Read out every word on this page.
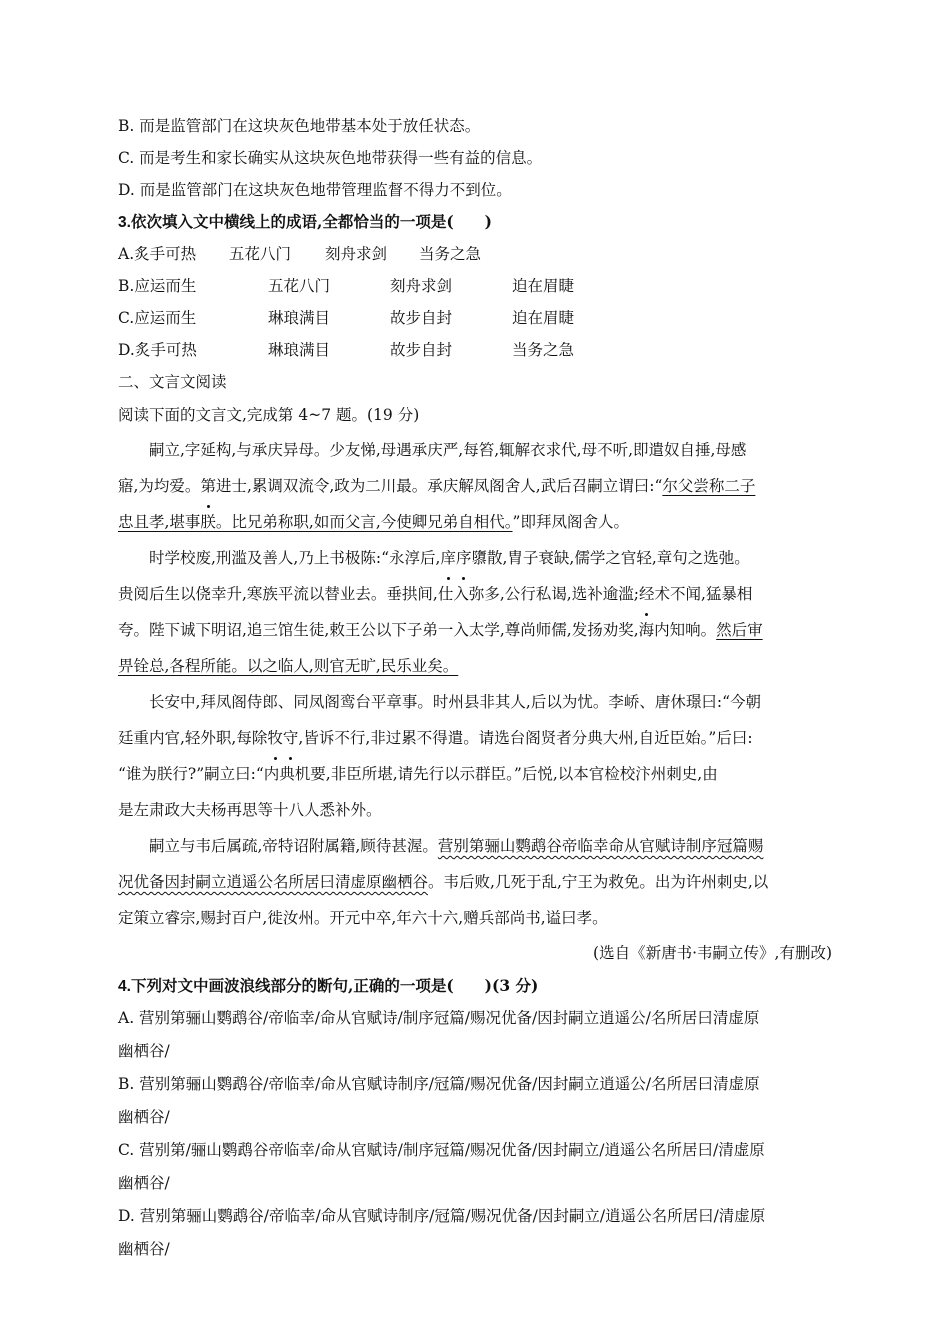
B. 而是监管部门在这块灰色地带基本处于放任状态。
C. 而是考生和家长确实从这块灰色地带获得一些有益的信息。
D. 而是监管部门在这块灰色地带管理监督不得力不到位。
3.依次填入文中横线上的成语,全都恰当的一项是(　　)
A.炙手可热	五花八门	刻舟求剑	当务之急
B.应运而生	五花八门	刻舟求剑	迫在眉睫
C.应运而生	琳琅满目	故步自封	迫在眉睫
D.炙手可热	琳琅满目	故步自封	当务之急
二、文言文阅读
阅读下面的文言文,完成第 4~7 题。(19 分)
嗣立,字延构,与承庆异母。少友悌,母遇承庆严,每笞,辄解衣求代,母不听,即遣奴自捶,母感
寤,为均爱。第进士,累调双流令,政为二川最。承庆解凤阁舍人,武后召嗣立谓曰:“尔父尝称二子
忠且孝,堪事朕。比兄弟称职,如而父言,今使卿兄弟自相代。”即拜凤阁舍人。
时学校废,刑滥及善人,乃上书极陈:“永淳后,庠序隳散,胄子衰缺,儒学之官轻,章句之选弛。
贵阅后生以侥幸升,寒族平流以替业去。垂拱间,仕入弥多,公行私谒,选补逾滥;经术不闻,猛暴相
夸。陛下诚下明诏,追三馆生徒,敕王公以下子弟一入太学,尊尚师儒,发扬劝奖,海内知响。然后审
畀铨总,各程所能。以之临人,则官无旷,民乐业矣。
长安中,拜凤阁侍郎、同凤阁鸾台平章事。时州县非其人,后以为忧。李峤、唐休璟曰:“今朝
廷重内官,轻外职,每除牧守,皆诉不行,非过累不得遣。请选台阁贤者分典大州,自近臣始。”后曰:
“谁为朕行?”嗣立曰:“内典机要,非臣所堪,请先行以示群臣。”后悦,以本官检校汴州刺史,由
是左肃政大夫杨再思等十八人悉补外。
嗣立与韦后属疏,帝特诏附属籍,顾待甚渥。营别第骊山鹦鹉谷帝临幸命从官赋诗制序冠篇赐
况优备因封嗣立逍遥公名所居曰清虚原幽栖谷。韦后败,几死于乱,宁王为救免。出为许州刺史,以
定策立睿宗,赐封百户,徙汝州。开元中卒,年六十六,赠兵部尚书,谥曰孝。
(选自《新唐书·韦嗣立传》,有删改)
4.下列对文中画波浪线部分的断句,正确的一项是(　　)(3 分)
A. 营别第骊山鹦鹉谷/帝临幸/命从官赋诗/制序冠篇/赐况优备/因封嗣立逍遥公/名所居曰清虚原
幽栖谷/
B. 营别第骊山鹦鹉谷/帝临幸/命从官赋诗制序/冠篇/赐况优备/因封嗣立逍遥公/名所居曰清虚原
幽栖谷/
C. 营别第/骊山鹦鹉谷帝临幸/命从官赋诗/制序冠篇/赐况优备/因封嗣立/逍遥公名所居曰/清虚原
幽栖谷/
D. 营别第骊山鹦鹉谷/帝临幸/命从官赋诗制序/冠篇/赐况优备/因封嗣立/逍遥公名所居曰/清虚原
幽栖谷/
